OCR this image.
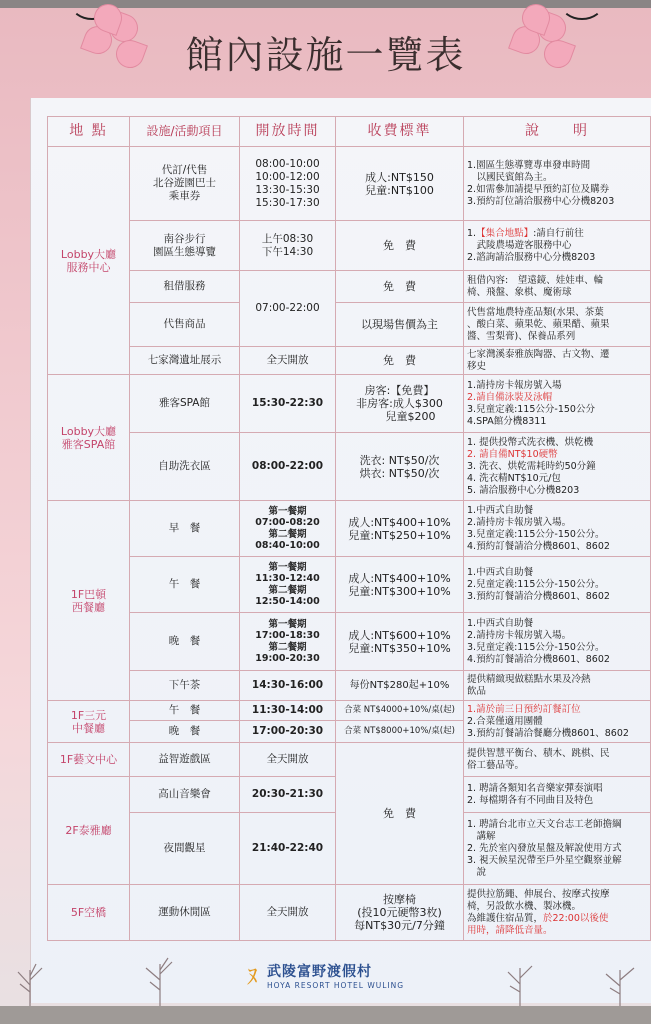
館內設施一覽表
地 點	設施/活動項目	開放時間	收費標準	說　　明
Lobby大廳
服務中心	代訂/代售
北谷遊園巴士
乘車券	08:00-10:00
10:00-12:00
13:30-15:30
15:30-17:30	成人:NT$150
兒童:NT$100	1.園區生態導覽專車發車時間
　以國民賓館為主。
2.如需參加請提早預約訂位及購券
3.預約訂位請洽服務中心分機8203
	南谷步行
園區生態導覽	上午08:30
下午14:30	免　費	1.【集合地點】:請自行前往
　武陵農場遊客服務中心
2.諮詢請洽服務中心分機8203
	租借服務	07:00-22:00	免　費	租借內容:　望遠鏡、娃娃車、輪
椅、飛盤、象棋、魔術球
	代售商品		以現場售價為主	代售當地農特產品類(水果、茶葉
、酸白菜、蘋果乾、蘋果醋、蘋果
醬、雪梨膏)、保養品系列
	七家灣遺址展示	全天開放	免　費	七家灣溪泰雅族陶器、古文物、遷
移史
Lobby大廳
雅客SPA館	雅客SPA館	15:30-22:30	房客:【免費】
非房客:成人$300
　　兒童$200	1.請持房卡報房號入場
2.請自備泳裝及泳帽
3.兒童定義:115公分-150公分
4.SPA館分機8311
	自助洗衣區	08:00-22:00	洗衣: NT$50/次
烘衣: NT$50/次	1. 提供投幣式洗衣機、烘乾機
2. 請自備NT$10硬幣
3. 洗衣、烘乾需耗時約50分鐘
4. 洗衣精NT$10元/包
5. 請洽服務中心分機8203
1F巴頓
西餐廳	早　餐	第一餐期
07:00-08:20
第二餐期
08:40-10:00	成人:NT$400+10%
兒童:NT$250+10%	1.中西式自助餐
2.請持房卡報房號入場。
3.兒童定義:115公分-150公分。
4.預約訂餐請洽分機8601、8602
	午　餐	第一餐期
11:30-12:40
第二餐期
12:50-14:00	成人:NT$400+10%
兒童:NT$300+10%	1.中西式自助餐
2.兒童定義:115公分-150公分。
3.預約訂餐請洽分機8601、8602
	晚　餐	第一餐期
17:00-18:30
第二餐期
19:00-20:30	成人:NT$600+10%
兒童:NT$350+10%	1.中西式自助餐
2.請持房卡報房號入場。
3.兒童定義:115公分-150公分。
4.預約訂餐請洽分機8601、8602
	下午茶	14:30-16:00	每份NT$280起+10%	提供精緻現做糕點水果及冷熱
飲品
1F三元
中餐廳	午　餐	11:30-14:00	合菜 NT$4000+10%/桌(起)	1.請於前三日預約訂餐訂位
2.合菜僅適用團體
3.預約訂餐請洽餐廳分機8601、8602
	晚　餐	17:00-20:30	合菜 NT$8000+10%/桌(起)	
1F藝文中心	益智遊戲區	全天開放	免　費	提供智慧平衡台、積木、跳棋、民
俗工藝品等。
2F泰雅廳	高山音樂會	20:30-21:30		1. 聘請各類知名音樂家彈奏演唱
2. 每檔期各有不同曲目及特色
	夜間觀星	21:40-22:40		1. 聘請台北市立天文台志工老師擔綱
　講解
2. 先於室內發放星盤及解說使用方式
3. 視天候星況帶至戶外星空觀察並解
　說
5F空橋	運動休閒區	全天開放	按摩椅
(投10元硬幣3枚)
每NT$30元/7分鐘	提供拉筋繩、伸展台、按摩式按摩
椅，另設飲水機、製冰機。
為維護住宿品質，於22:00以後使
用時，請降低音量。
ﾇ 武陵富野渡假村
HOYA RESORT HOTEL WULING
